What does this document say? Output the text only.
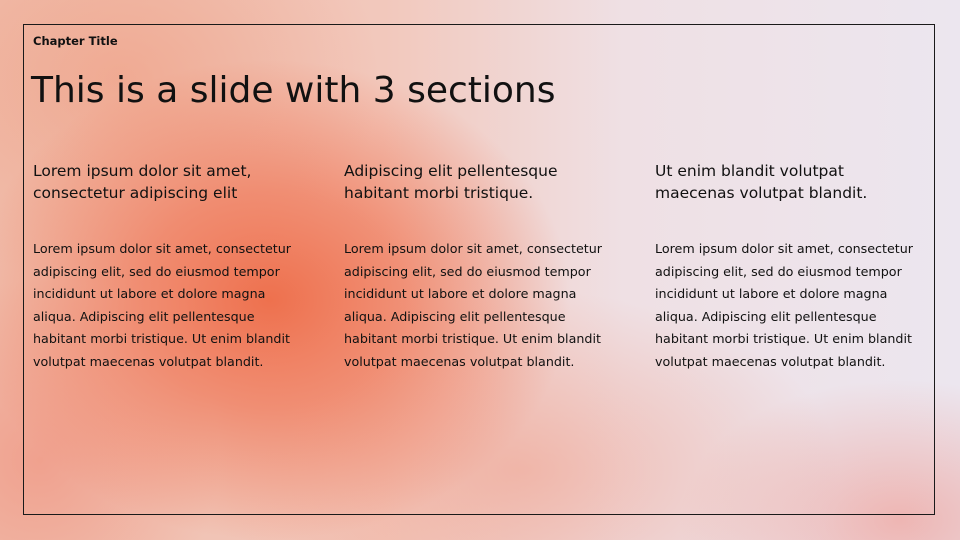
Chapter Title
This is a slide with 3 sections

Lorem ipsum dolor sit amet, consectetur adipiscing elit

Lorem ipsum dolor sit amet, consectetur adipiscing elit, sed do eiusmod tempor incididunt ut labore et dolore magna aliqua. Adipiscing elit pellentesque habitant morbi tristique. Ut enim blandit volutpat maecenas volutpat blandit.

Adipiscing elit pellentesque habitant morbi tristique.

Lorem ipsum dolor sit amet, consectetur adipiscing elit, sed do eiusmod tempor incididunt ut labore et dolore magna aliqua. Adipiscing elit pellentesque habitant morbi tristique. Ut enim blandit volutpat maecenas volutpat blandit.

Ut enim blandit volutpat maecenas volutpat blandit.

Lorem ipsum dolor sit amet, consectetur adipiscing elit, sed do eiusmod tempor incididunt ut labore et dolore magna aliqua. Adipiscing elit pellentesque habitant morbi tristique. Ut enim blandit volutpat maecenas volutpat blandit.
